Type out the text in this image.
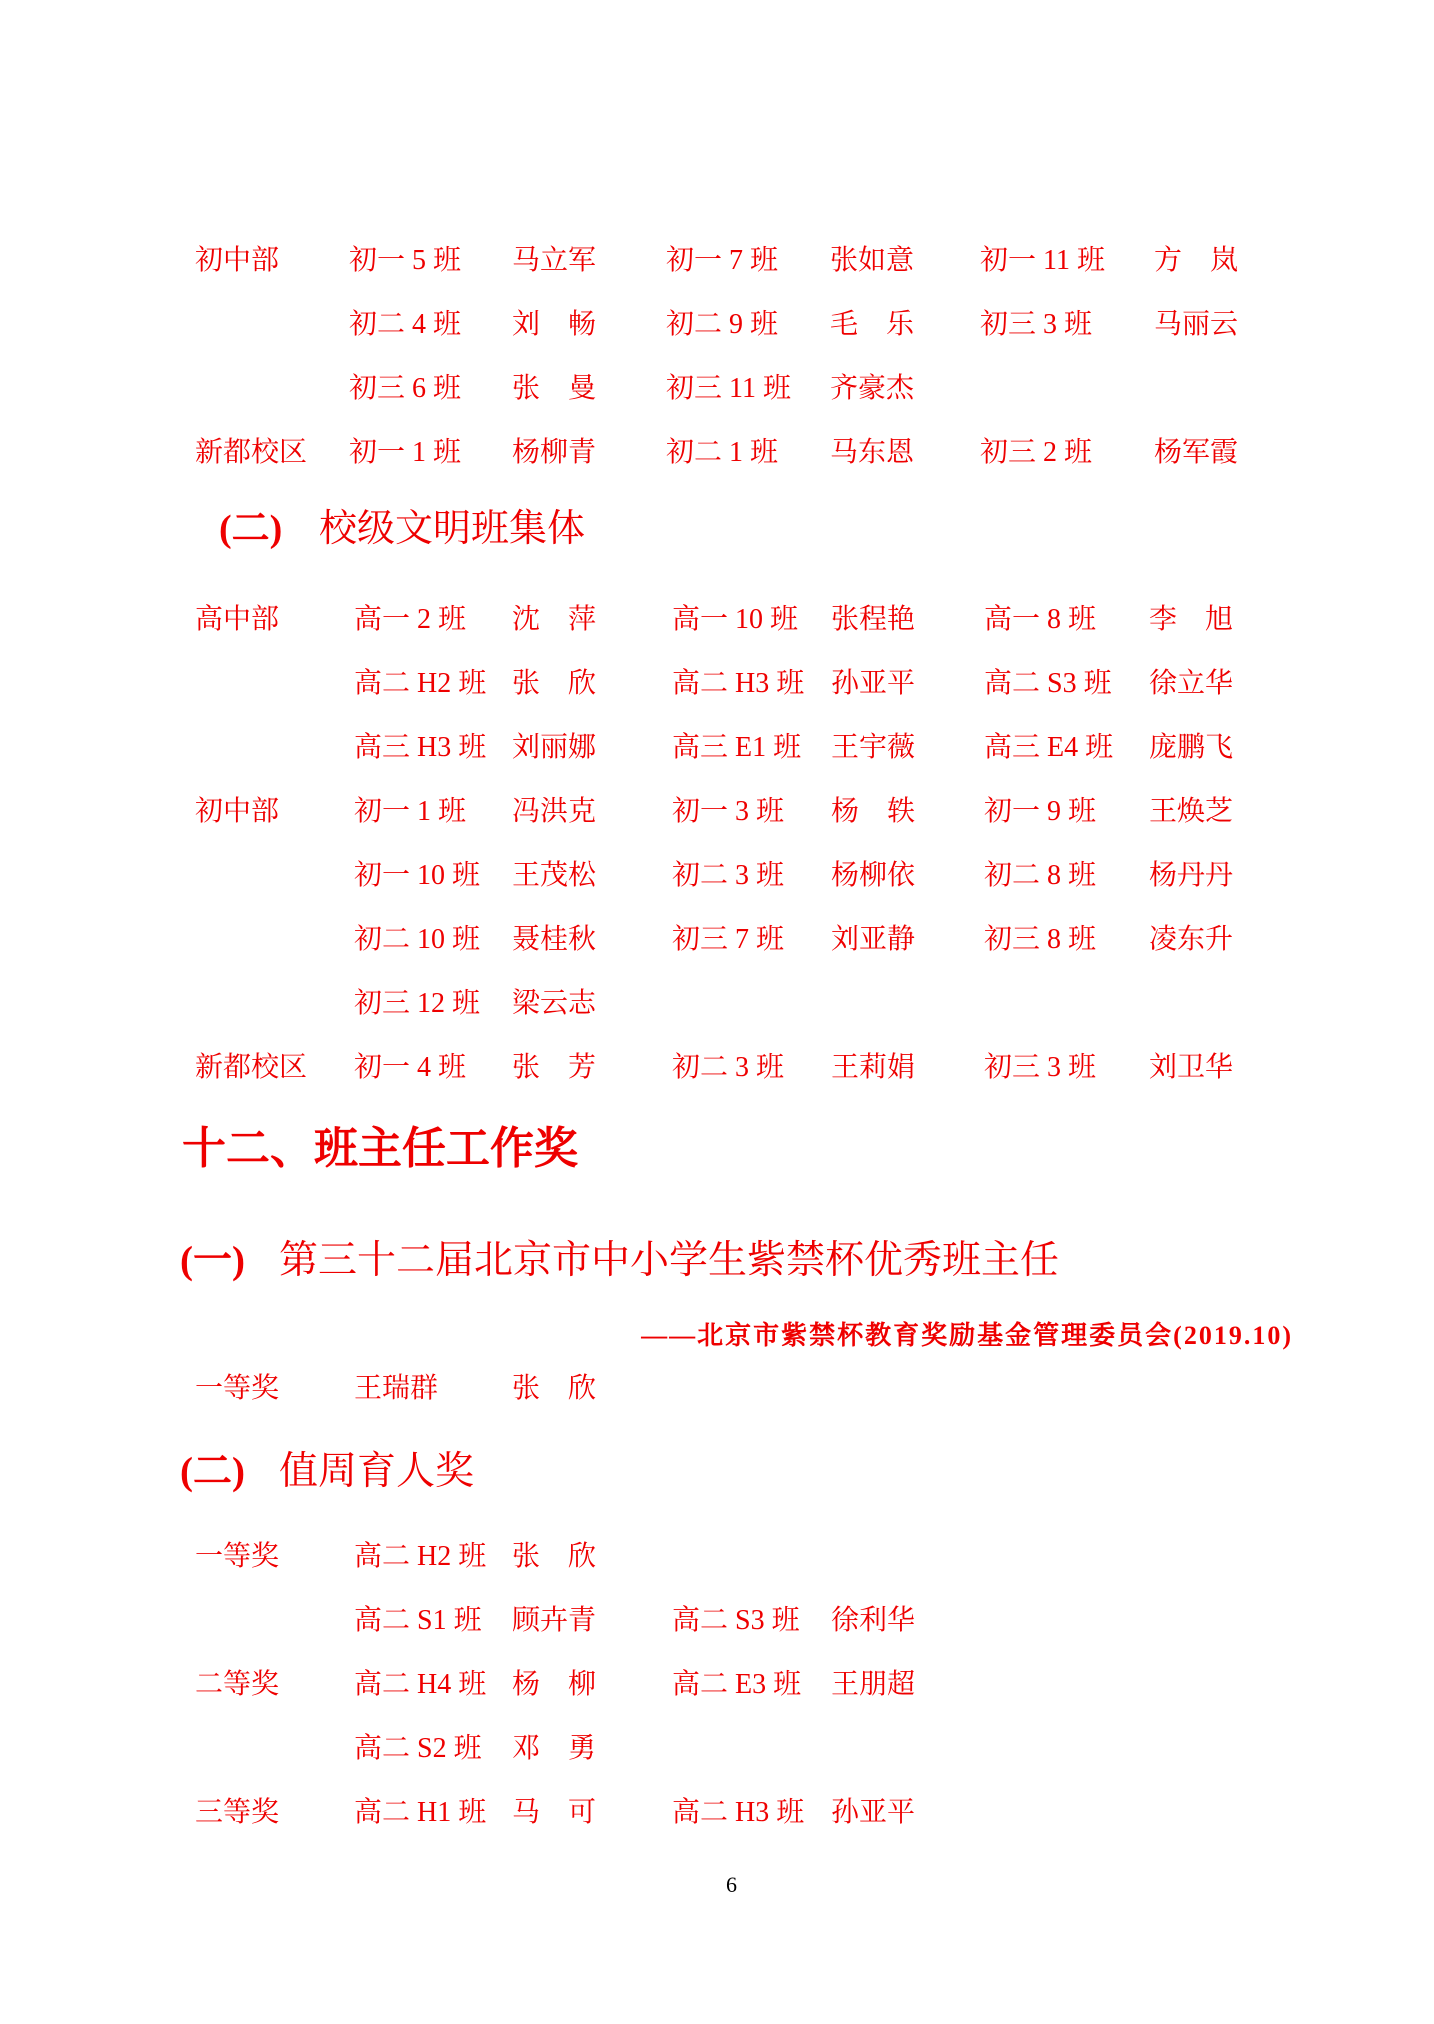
初中部 初一 5 班 马立军 初一 7 班 张如意 初一 11 班 方　岚
初二 4 班 刘　畅 初二 9 班 毛　乐 初三 3 班 马丽云
初三 6 班 张　曼 初三 11 班 齐豪杰
新都校区 初一 1 班 杨柳青 初二 1 班 马东恩 初三 2 班 杨军霞
(二) 校级文明班集体
高中部	高一 2 班 沈　萍	高一 10 班 张程艳 高一 8 班 李　旭
高二 H2 班 张　欣	高二 H3 班 孙亚平 高二 S3 班 徐立华
高三 H3 班 刘丽娜	高三 E1 班 王宇薇 高三 E4 班 庞鹏飞
初中部	初一 1 班 冯洪克	初一 3 班 杨　轶 初一 9 班 王焕芝
初一 10 班 王茂松	初二 3 班 杨柳依 初二 8 班 杨丹丹
初二 10 班 聂桂秋	初三 7 班 刘亚静 初三 8 班 凌东升
初三 12 班 梁云志
新都校区 初一 4 班 张　芳	初二 3 班 王莉娟 初三 3 班 刘卫华
十二、班主任工作奖
(一) 第三十二届北京市中小学生紫禁杯优秀班主任
——北京市紫禁杯教育奖励基金管理委员会(2019.10)
一等奖	王瑞群	张　欣
(二) 值周育人奖
一等奖	高二 H2 班 张　欣
高二 S1 班 顾卉青	高二 S3 班 徐利华
二等奖	高二 H4 班 杨　柳	高二 E3 班 王朋超
高二 S2 班 邓　勇
三等奖	高二 H1 班 马　可	高二 H3 班 孙亚平
6
